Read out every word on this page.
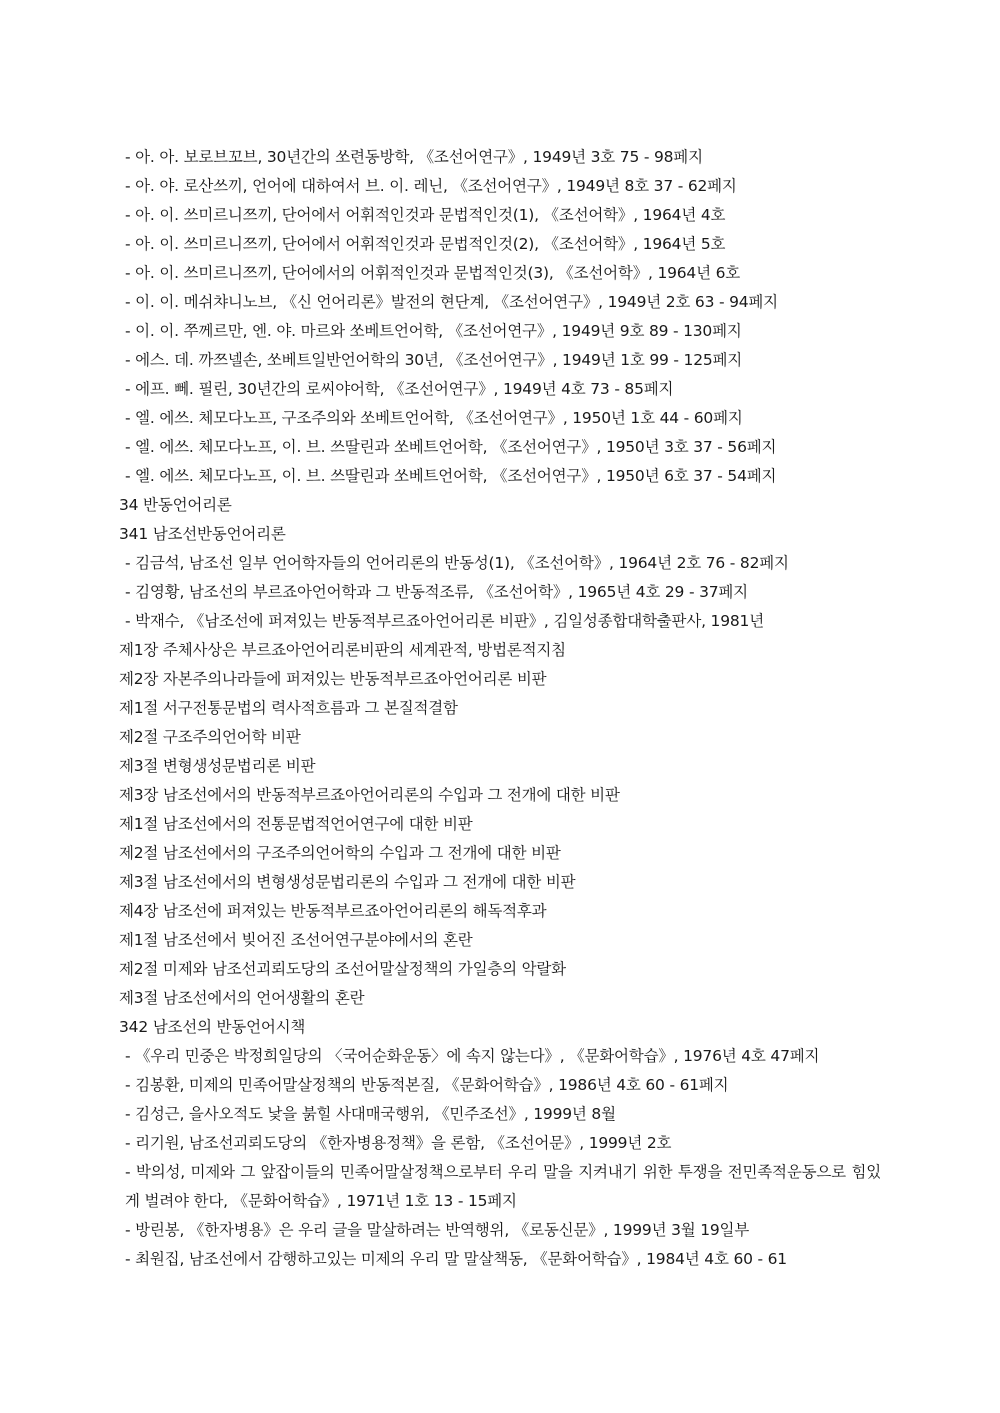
- 아. 아. 보로브꼬브, 30년간의 쏘련동방학, 《조선어연구》, 1949년 3호 75 - 98페지
- 아. 야. 로산쓰끼, 언어에 대하여서 브. 이. 레닌, 《조선어연구》, 1949년 8호 37 - 62페지
- 아. 이. 쓰미르니쯔끼, 단어에서 어휘적인것과 문법적인것(1), 《조선어학》, 1964년 4호
- 아. 이. 쓰미르니쯔끼, 단어에서 어휘적인것과 문법적인것(2), 《조선어학》, 1964년 5호
- 아. 이. 쓰미르니쯔끼, 단어에서의 어휘적인것과 문법적인것(3), 《조선어학》, 1964년 6호
- 이. 이. 메쉬챠니노브, 《신 언어리론》발전의 현단계, 《조선어연구》, 1949년 2호 63 - 94페지
- 이. 이. 쭈께르만, 엔. 야. 마르와 쏘베트언어학, 《조선어연구》, 1949년 9호 89 - 130페지
- 에스. 데. 까쯔넬손, 쏘베트일반언어학의 30년, 《조선어연구》, 1949년 1호 99 - 125페지
- 에프. 뻬. 필린, 30년간의 로씨야어학, 《조선어연구》, 1949년 4호 73 - 85페지
- 엘. 에쓰. 체모다노프, 구조주의와 쏘베트언어학, 《조선어연구》, 1950년 1호 44 - 60페지
- 엘. 에쓰. 체모다노프, 이. 브. 쓰딸린과 쏘베트언어학, 《조선어연구》, 1950년 3호 37 - 56페지
- 엘. 에쓰. 체모다노프, 이. 브. 쓰딸린과 쏘베트언어학, 《조선어연구》, 1950년 6호 37 - 54페지
34 반동언어리론
341 남조선반동언어리론
- 김금석, 남조선 일부 언어학자들의 언어리론의 반동성(1), 《조선어학》, 1964년 2호 76 - 82페지
- 김영황, 남조선의 부르죠아언어학과 그 반동적조류, 《조선어학》, 1965년 4호 29 - 37페지
- 박재수, 《남조선에 퍼져있는 반동적부르죠아언어리론 비판》, 김일성종합대학출판사, 1981년
제1장 주체사상은 부르죠아언어리론비판의 세계관적, 방법론적지침
제2장 자본주의나라들에 퍼져있는 반동적부르죠아언어리론 비판
제1절 서구전통문법의 력사적흐름과 그 본질적결함
제2절 구조주의언어학 비판
제3절 변형생성문법리론 비판
제3장 남조선에서의 반동적부르죠아언어리론의 수입과 그 전개에 대한 비판
제1절 남조선에서의 전통문법적언어연구에 대한 비판
제2절 남조선에서의 구조주의언어학의 수입과 그 전개에 대한 비판
제3절 남조선에서의 변형생성문법리론의 수입과 그 전개에 대한 비판
제4장 남조선에 퍼져있는 반동적부르죠아언어리론의 해독적후과
제1절 남조선에서 빚어진 조선어연구분야에서의 혼란
제2절 미제와 남조선괴뢰도당의 조선어말살정책의 가일층의 악랄화
제3절 남조선에서의 언어생활의 혼란
342 남조선의 반동언어시책
- 《우리 민중은 박정희일당의 〈국어순화운동〉에 속지 않는다》, 《문화어학습》, 1976년 4호 47페지
- 김봉환, 미제의 민족어말살정책의 반동적본질, 《문화어학습》, 1986년 4호 60 - 61페지
- 김성근, 을사오적도 낯을 붉힐 사대매국행위, 《민주조선》, 1999년 8월
- 리기원, 남조선괴뢰도당의 《한자병용정책》을 론함, 《조선어문》, 1999년 2호
- 박의성, 미제와 그 앞잡이들의 민족어말살정책으로부터 우리 말을 지켜내기 위한 투쟁을 전민족적운동으로 힘있게 벌려야 한다, 《문화어학습》, 1971년 1호 13 - 15페지
- 방린봉, 《한자병용》은 우리 글을 말살하려는 반역행위, 《로동신문》, 1999년 3월 19일부
- 최원집, 남조선에서 감행하고있는 미제의 우리 말 말살책동, 《문화어학습》, 1984년 4호 60 - 61
